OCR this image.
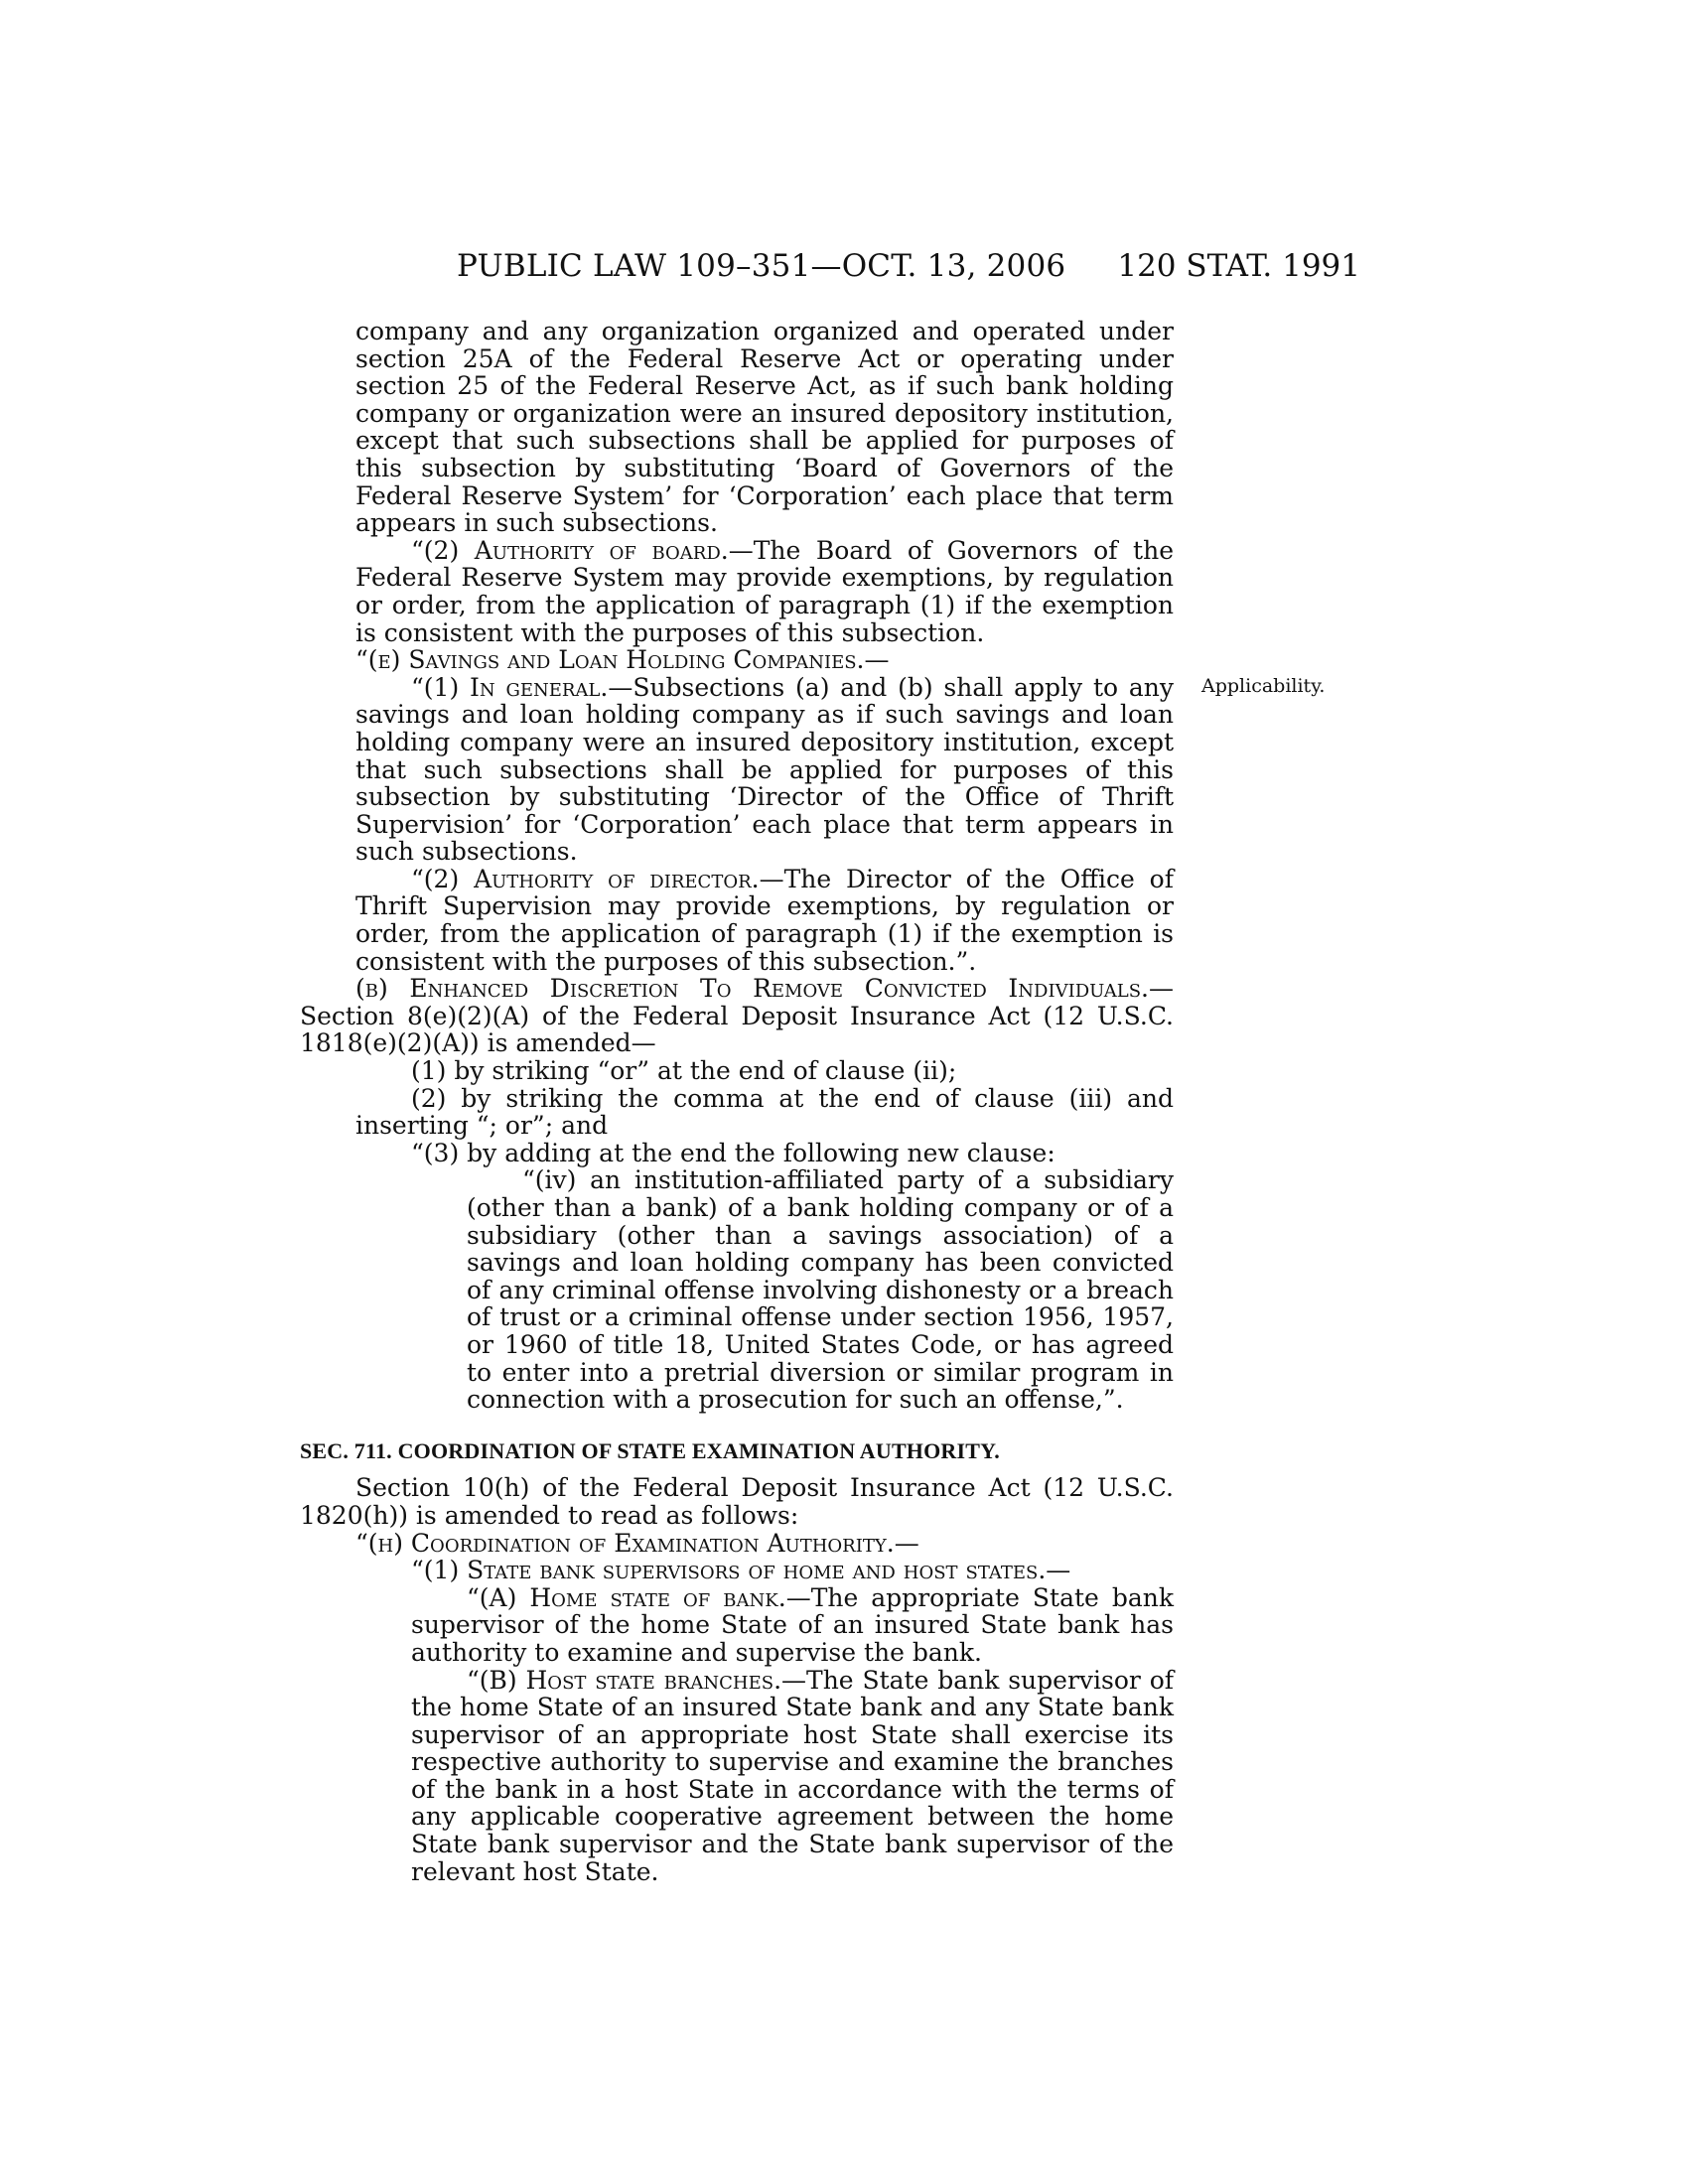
PUBLIC LAW 109–351—OCT. 13, 2006 120 STAT. 1991
Applicability.

company and any organization organized and operated under section 25A of the Federal Reserve Act or operating under section 25 of the Federal Reserve Act, as if such bank holding company or organization were an insured depository institution, except that such subsections shall be applied for purposes of this subsection by substituting ‘Board of Governors of the Federal Reserve System’ for ‘Corporation’ each place that term appears in such subsections.

“(2) Authority of board.—The Board of Governors of the Federal Reserve System may provide exemptions, by regulation or order, from the application of paragraph (1) if the exemption is consistent with the purposes of this subsection.

“(e) Savings and Loan Holding Companies.—

“(1) In general.—Subsections (a) and (b) shall apply to any savings and loan holding company as if such savings and loan holding company were an insured depository institution, except that such subsections shall be applied for purposes of this subsection by substituting ‘Director of the Office of Thrift Supervision’ for ‘Corporation’ each place that term appears in such subsections.

“(2) Authority of director.—The Director of the Office of Thrift Supervision may provide exemptions, by regulation or order, from the application of paragraph (1) if the exemption is consistent with the purposes of this subsection.”.

(b) Enhanced Discretion To Remove Convicted Individuals.—Section 8(e)(2)(A) of the Federal Deposit Insurance Act (12 U.S.C. 1818(e)(2)(A)) is amended—

(1) by striking “or” at the end of clause (ii);

(2) by striking the comma at the end of clause (iii) and inserting “; or”; and

“(3) by adding at the end the following new clause:

“(iv) an institution-affiliated party of a subsidiary (other than a bank) of a bank holding company or of a subsidiary (other than a savings association) of a savings and loan holding company has been convicted of any criminal offense involving dishonesty or a breach of trust or a criminal offense under section 1956, 1957, or 1960 of title 18, United States Code, or has agreed to enter into a pretrial diversion or similar program in connection with a prosecution for such an offense,”.

SEC. 711. COORDINATION OF STATE EXAMINATION AUTHORITY.

Section 10(h) of the Federal Deposit Insurance Act (12 U.S.C. 1820(h)) is amended to read as follows:

“(h) Coordination of Examination Authority.—

“(1) State bank supervisors of home and host states.—

“(A) Home state of bank.—The appropriate State bank supervisor of the home State of an insured State bank has authority to examine and supervise the bank.

“(B) Host state branches.—The State bank supervisor of the home State of an insured State bank and any State bank supervisor of an appropriate host State shall exercise its respective authority to supervise and examine the branches of the bank in a host State in accordance with the terms of any applicable cooperative agreement between the home State bank supervisor and the State bank supervisor of the relevant host State.
